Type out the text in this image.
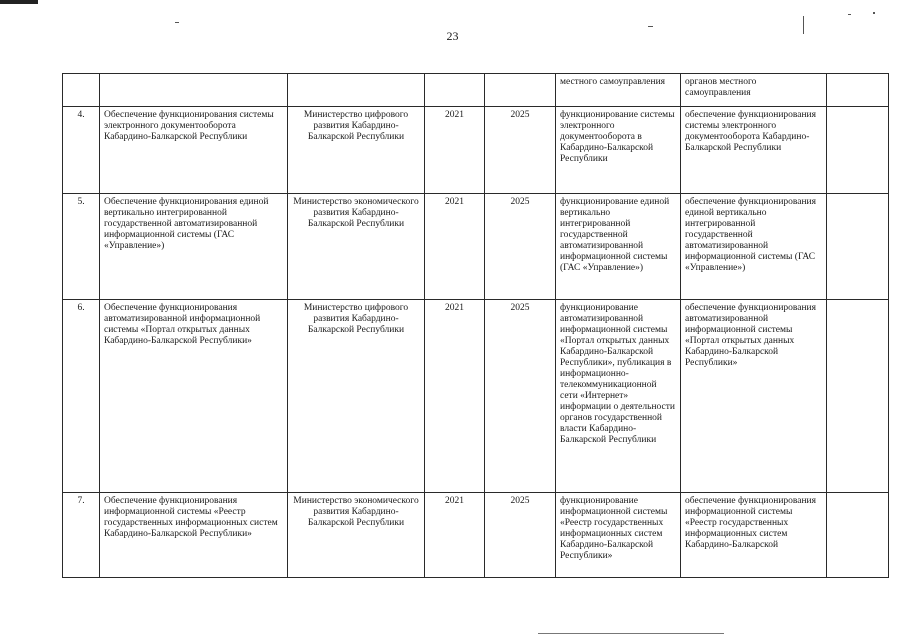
23
					местного самоуправления	органов местного самоуправления	
4.	Обеспечение функционирования системы электронного документооборота Кабардино-Балкарской Республики	Министерство цифрового развития Кабардино-Балкарской Республики	2021	2025	функционирование системы электронного документооборота в Кабардино-Балкарской Республики	обеспечение функционирования системы электронного документооборота Кабардино-Балкарской Республики	
5.	Обеспечение функционирования единой вертикально интегрированной государственной автоматизированной информационной системы (ГАС «Управление»)	Министерство экономического развития Кабардино-Балкарской Республики	2021	2025	функционирование единой вертикально интегрированной государственной автоматизированной информационной системы (ГАС «Управление»)	обеспечение функционирования единой вертикально интегрированной государственной автоматизированной информационной системы (ГАС «Управление»)	
6.	Обеспечение функционирования автоматизированной информационной системы «Портал открытых данных Кабардино-Балкарской Республики»	Министерство цифрового развития Кабардино-Балкарской Республики	2021	2025	функционирование автоматизированной информационной системы «Портал открытых данных Кабардино-Балкарской Республики», публикация в информационно-телекоммуникационной сети «Интернет» информации о деятельности органов государственной власти Кабардино-Балкарской Республики	обеспечение функционирования автоматизированной информационной системы «Портал открытых данных Кабардино-Балкарской Республики»	
7.	Обеспечение функционирования информационной системы «Реестр государственных информационных систем Кабардино-Балкарской Республики»	Министерство экономического развития Кабардино-Балкарской Республики	2021	2025	функционирование информационной системы «Реестр государственных информационных систем Кабардино-Балкарской Республики»	обеспечение функционирования информационной системы «Реестр государственных информационных систем Кабардино-Балкарской	
